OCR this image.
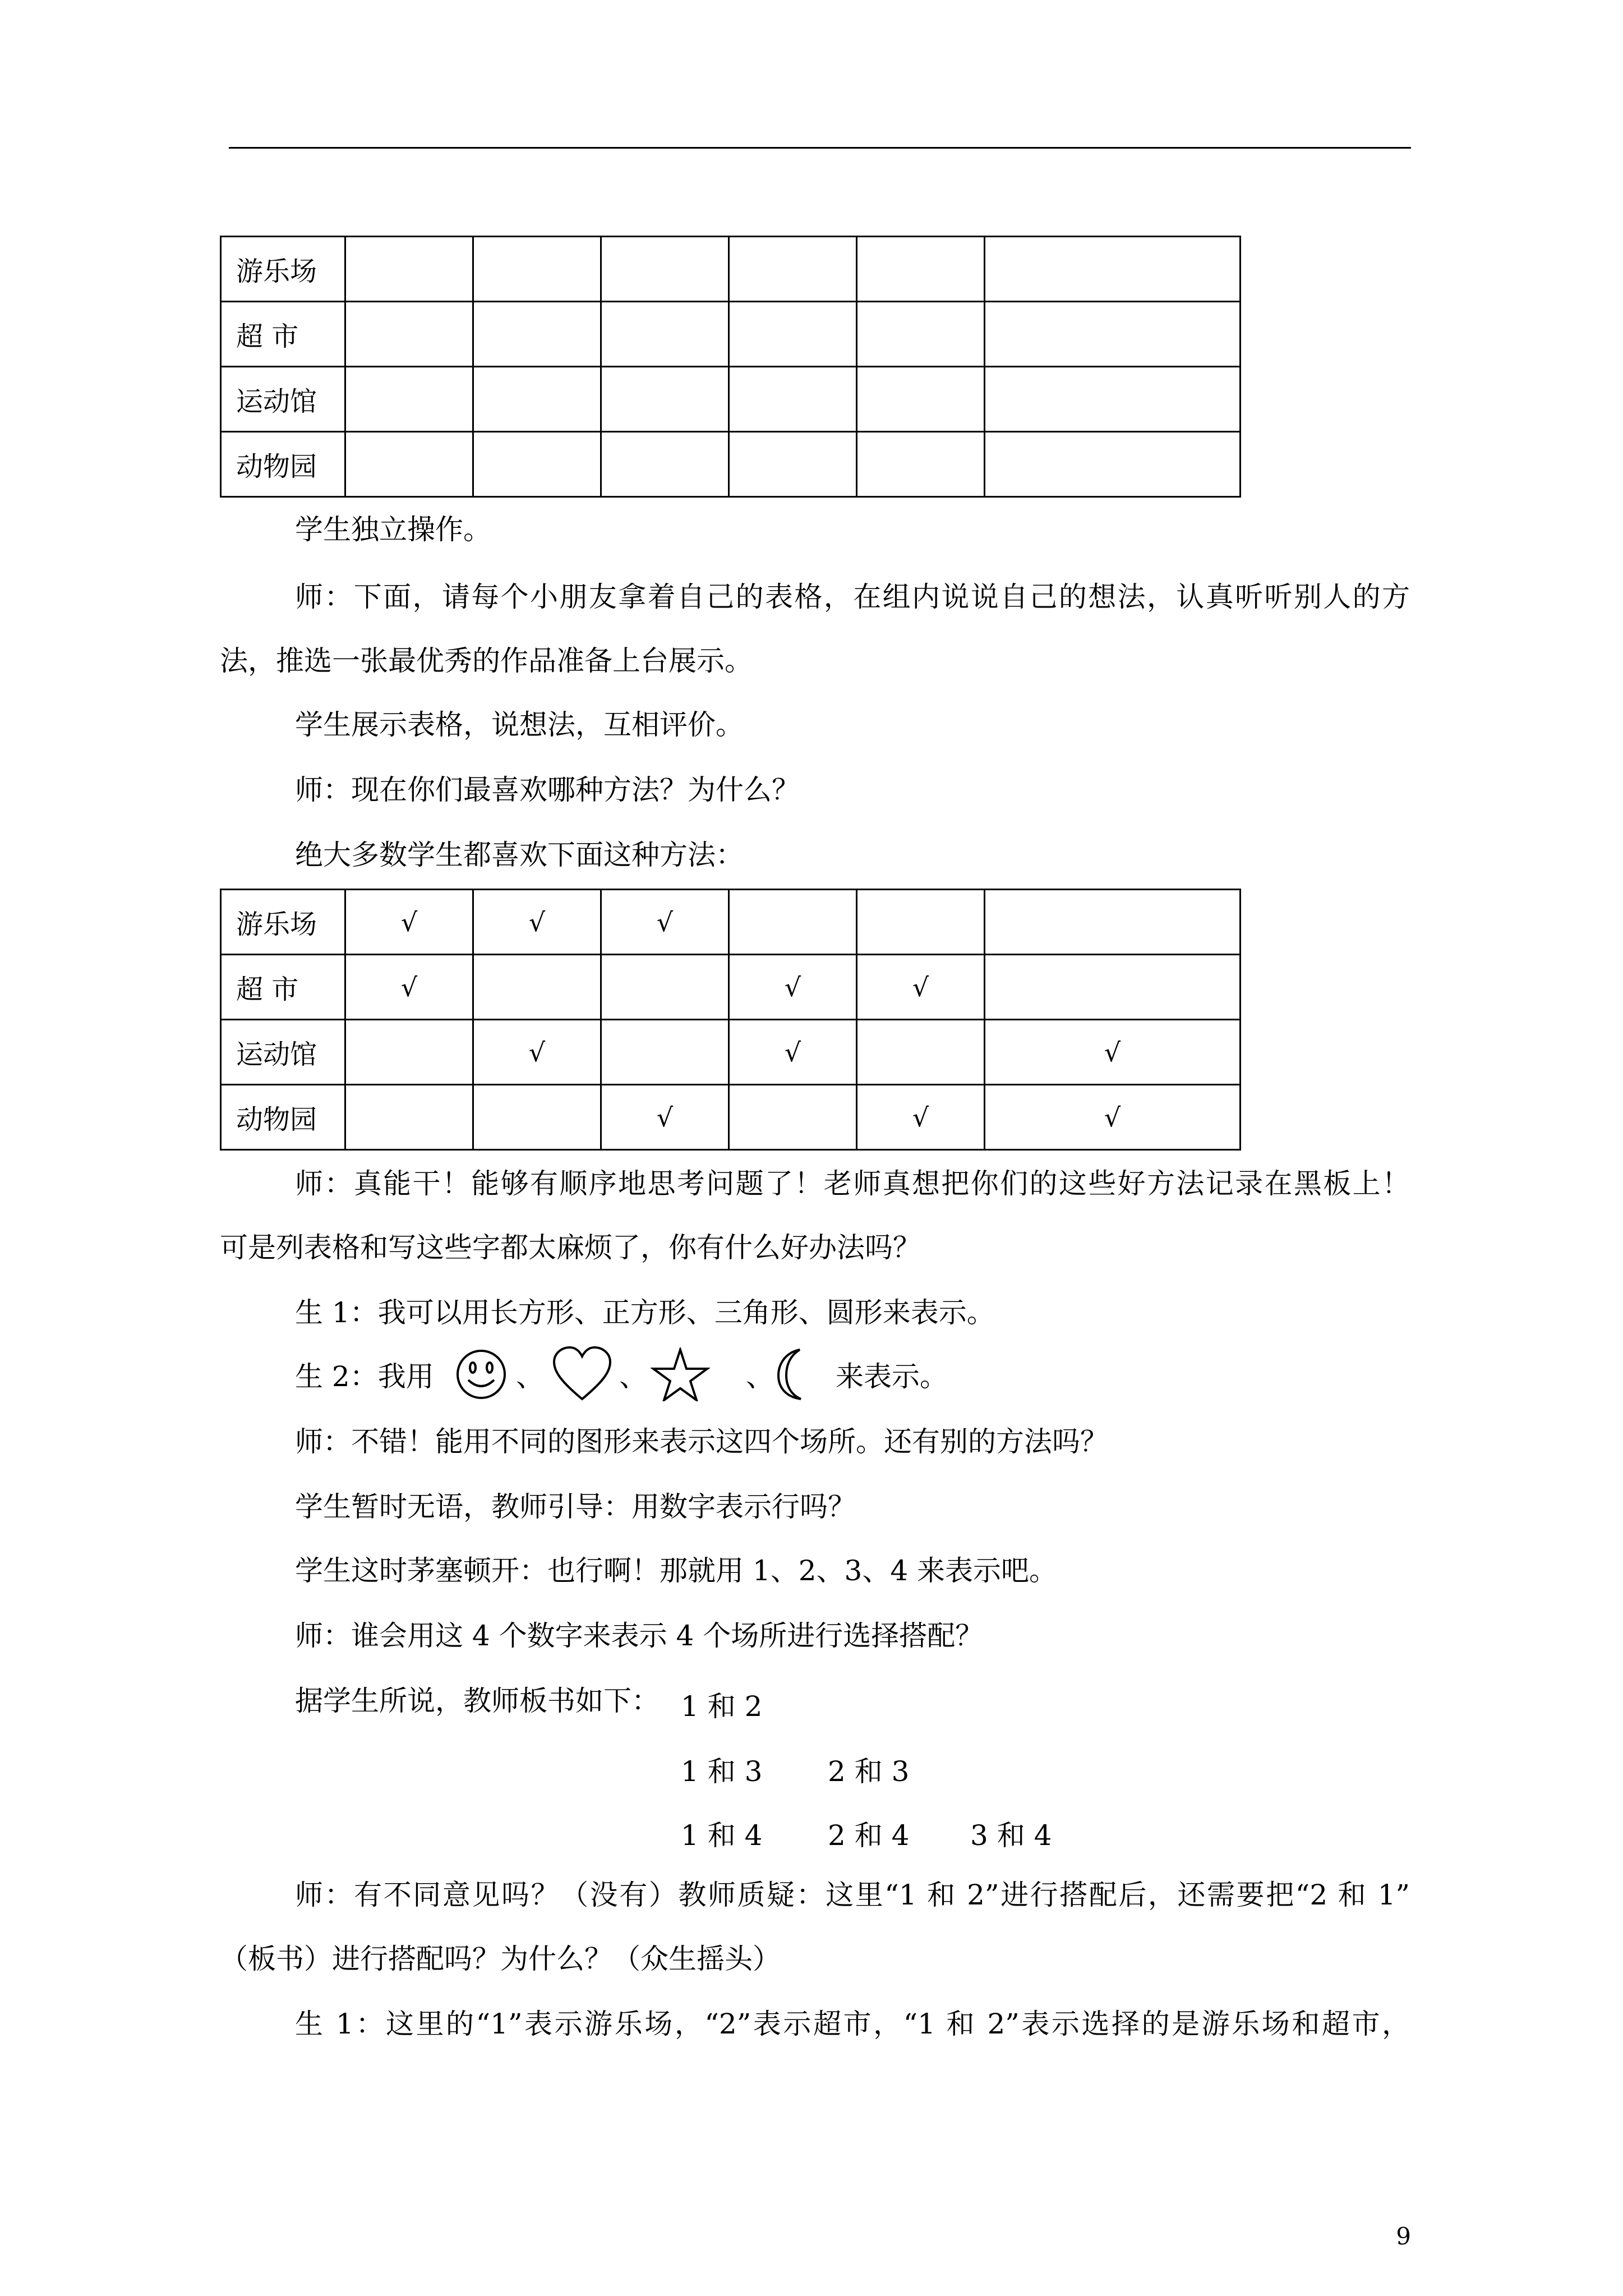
游乐场						
超 市						
运动馆						
动物园						
学生独立操作。
师：下面，请每个小朋友拿着自己的表格，在组内说说自己的想法，认真听听别人的方
法，推选一张最优秀的作品准备上台展示。
学生展示表格，说想法，互相评价。
师：现在你们最喜欢哪种方法？为什么？
绝大多数学生都喜欢下面这种方法：
游乐场	√	√	√			
超 市	√			√	√	
运动馆		√		√		√
动物园			√		√	√
师：真能干！能够有顺序地思考问题了！老师真想把你们的这些好方法记录在黑板上！
可是列表格和写这些字都太麻烦了，你有什么好办法吗？
生 1：我可以用长方形、正方形、三角形、圆形来表示。
生 2：我用	、	、	、 来表示。
师：不错！能用不同的图形来表示这四个场所。还有别的方法吗？
学生暂时无语，教师引导：用数字表示行吗？
学生这时茅塞顿开：也行啊！那就用 1、2、3、4 来表示吧。
师：谁会用这 4 个数字来表示 4 个场所进行选择搭配？
据学生所说，教师板书如下： 1 和 2
1 和 3 2 和 3
1 和 4 2 和 4 3 和 4
师：有不同意见吗？（没有）教师质疑：这里“1 和 2”进行搭配后，还需要把“2 和 1”
（板书）进行搭配吗？为什么？（众生摇头）
生 1：这里的“1”表示游乐场，“2”表示超市，“1 和 2”表示选择的是游乐场和超市，
9
